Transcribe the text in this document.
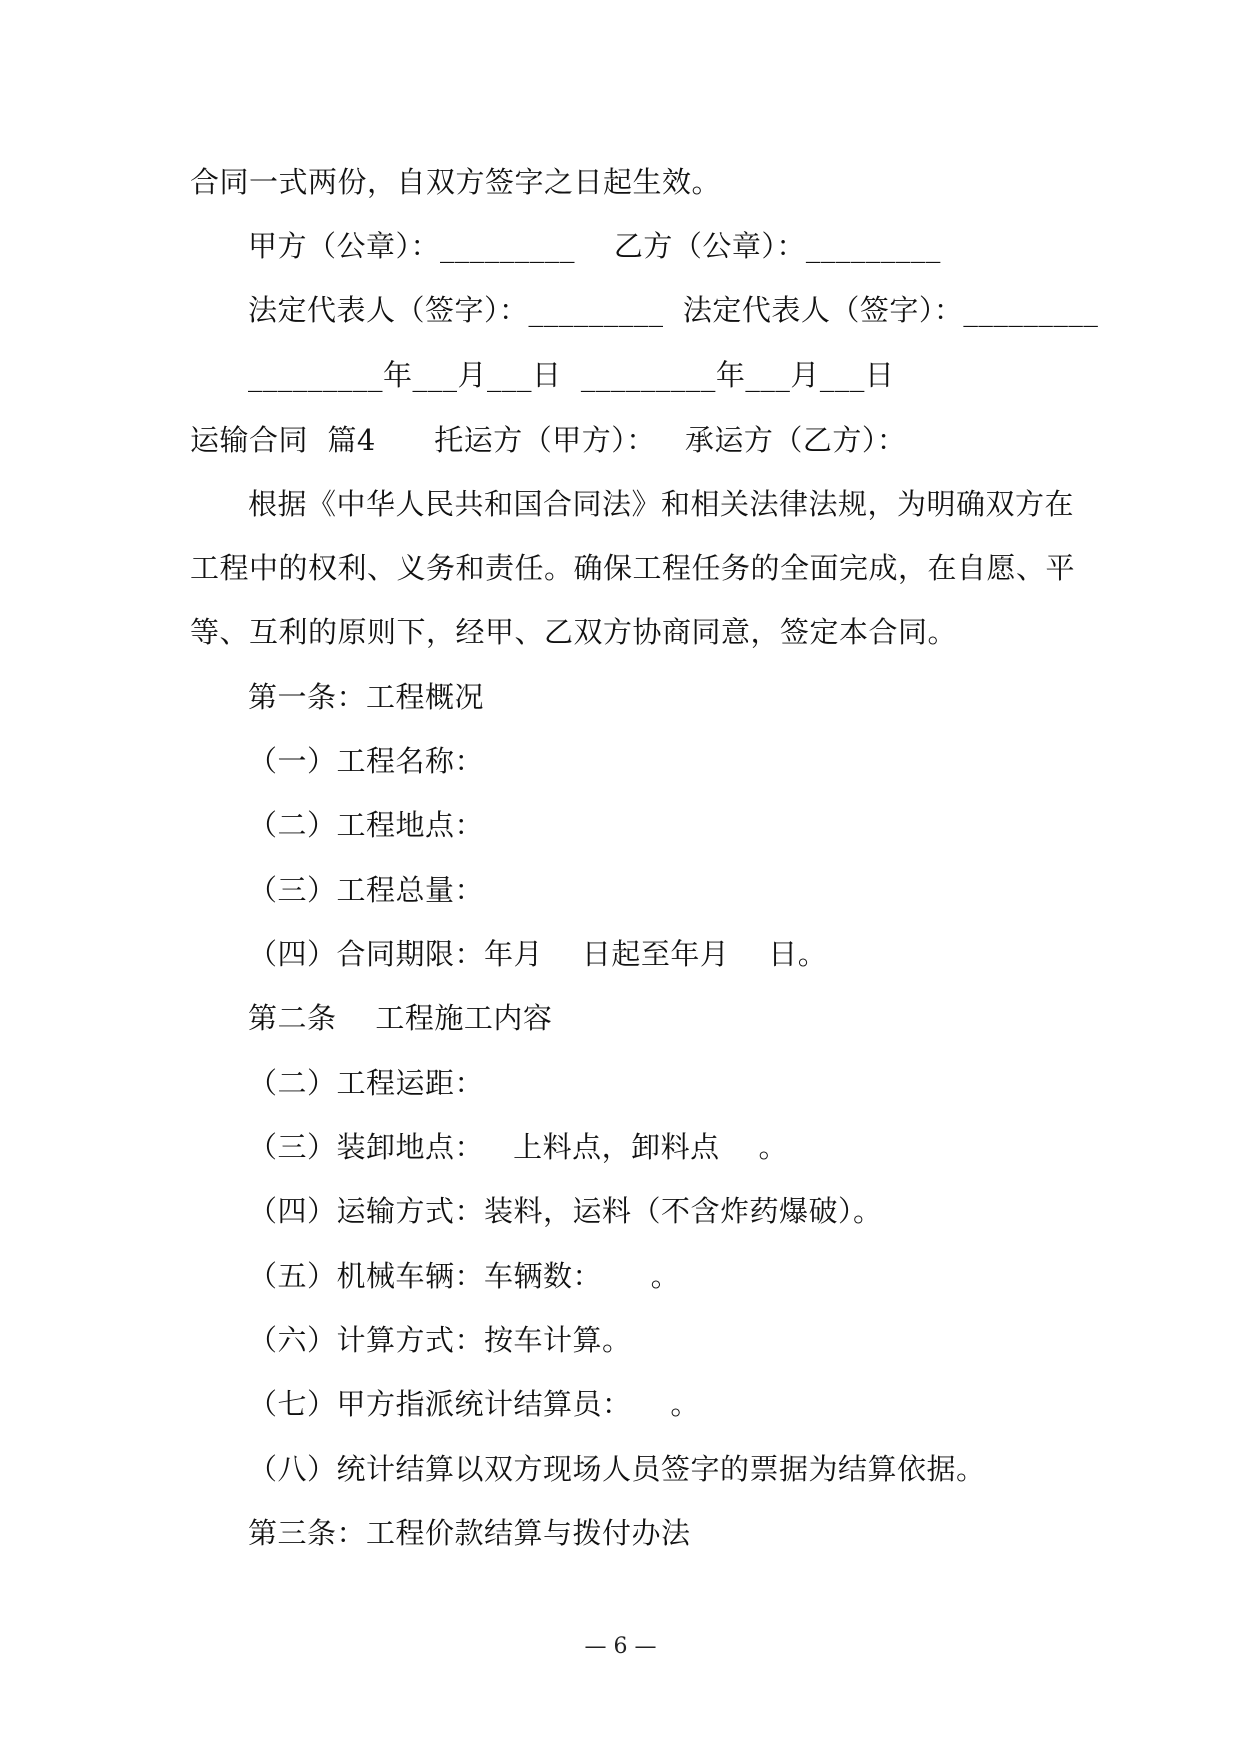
合同一式两份，自双方签字之日起生效。
甲方（公章）：_________    乙方（公章）：_________
法定代表人（签字）：_________  法定代表人（签字）：_________
_________年___月___日  _________年___月___日
运输合同  篇4      托运方（甲方）：   承运方（乙方）：
根据《中华人民共和国合同法》和相关法律法规，为明确双方在
工程中的权利、义务和责任。确保工程任务的全面完成，在自愿、平
等、互利的原则下，经甲、乙双方协商同意，签定本合同。
第一条：工程概况
（一）工程名称：
（二）工程地点：
（三）工程总量：
（四）合同期限：年月    日起至年月    日。
第二条    工程施工内容
（二）工程运距：
（三）装卸地点：   上料点，卸料点    。
（四）运输方式：装料，运料（不含炸药爆破）。
（五）机械车辆：车辆数：     。
（六）计算方式：按车计算。
（七）甲方指派统计结算员：    。
（八）统计结算以双方现场人员签字的票据为结算依据。
第三条：工程价款结算与拨付办法
— 6 —
